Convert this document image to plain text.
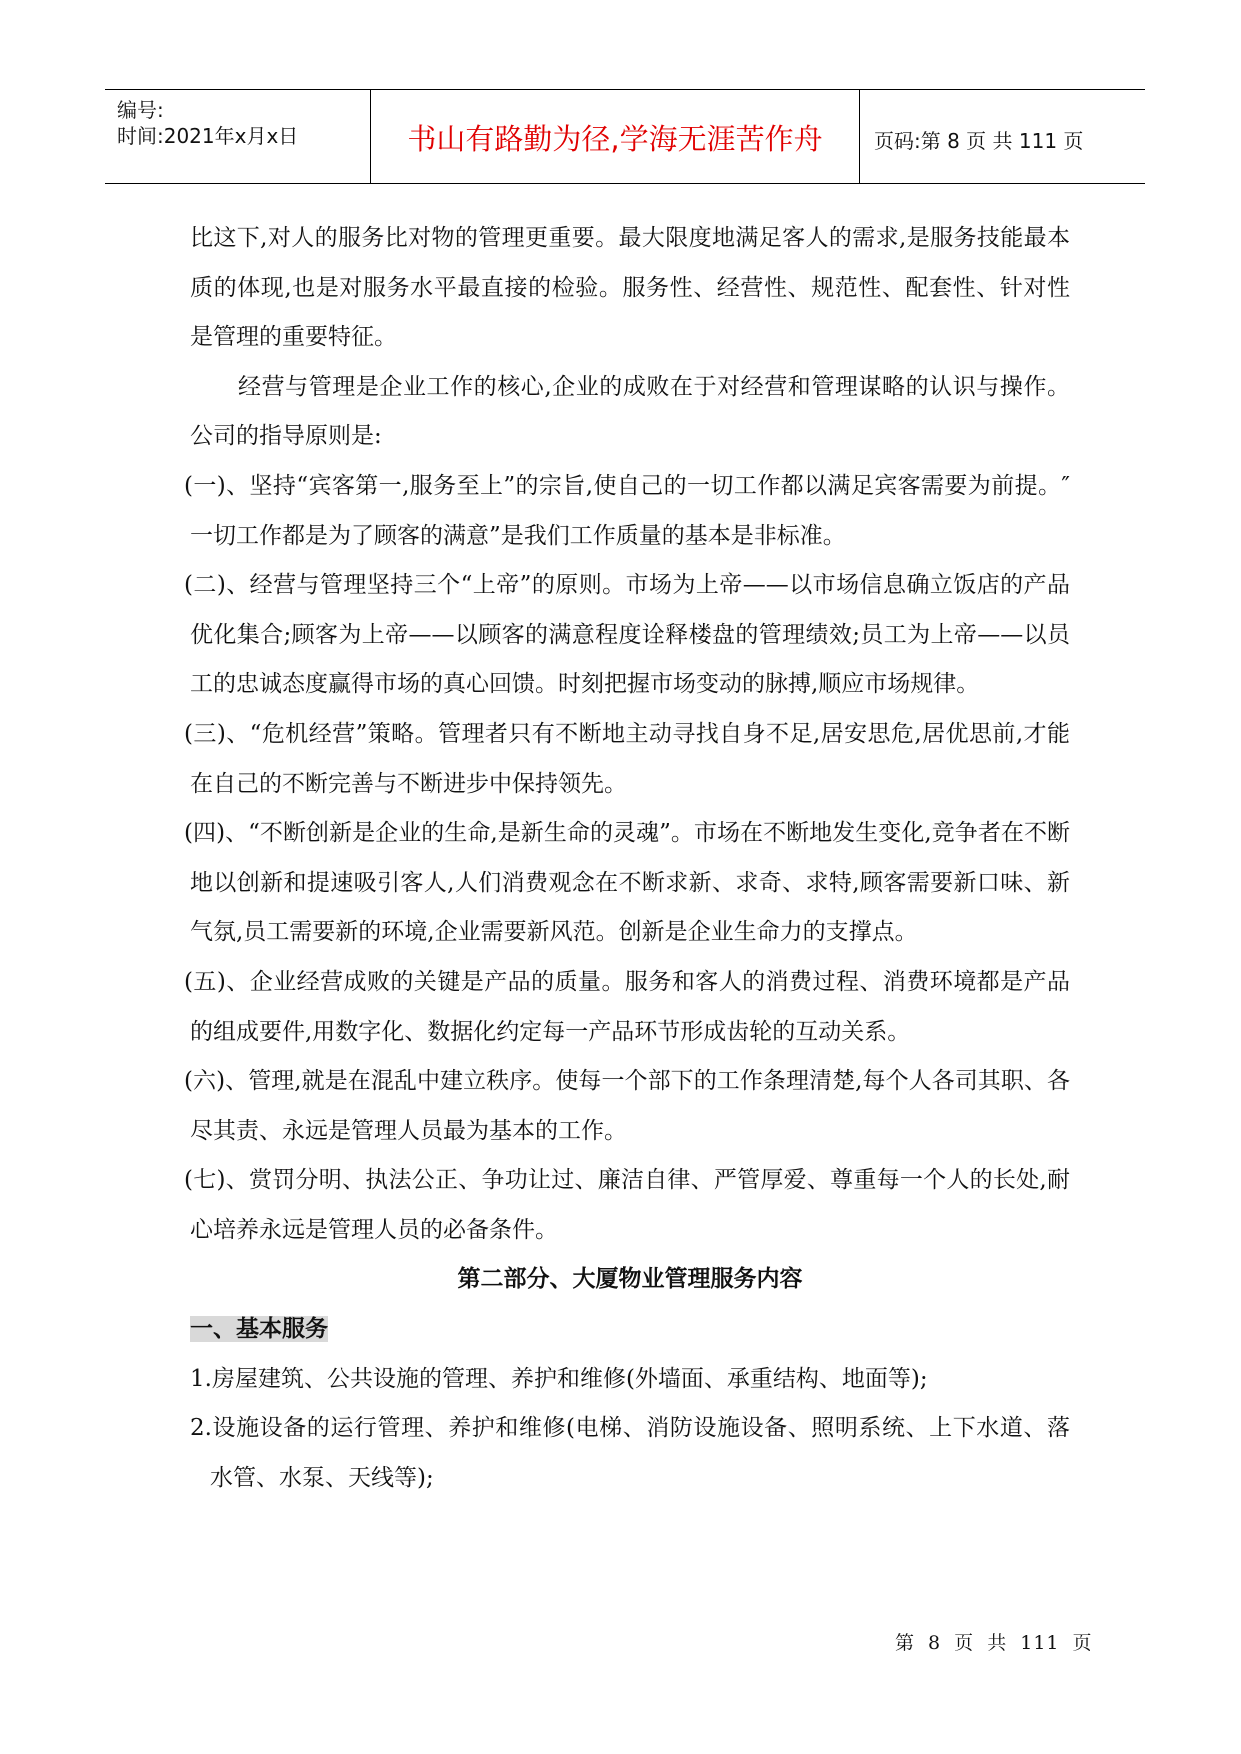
编号:
时间:2021年x月x日	书山有路勤为径,学海无涯苦作舟	页码:第 8 页 共 111 页

比这下,对人的服务比对物的管理更重要。最大限度地满足客人的需求,是服务技能最本质的体现,也是对服务水平最直接的检验。服务性、经营性、规范性、配套性、针对性是管理的重要特征。

经营与管理是企业工作的核心,企业的成败在于对经营和管理谋略的认识与操作。公司的指导原则是:

(一)、坚持“宾客第一,服务至上”的宗旨,使自己的一切工作都以满足宾客需要为前提。″一切工作都是为了顾客的满意”是我们工作质量的基本是非标准。

(二)、经营与管理坚持三个“上帝”的原则。市场为上帝——以市场信息确立饭店的产品优化集合;顾客为上帝——以顾客的满意程度诠释楼盘的管理绩效;员工为上帝——以员工的忠诚态度赢得市场的真心回馈。时刻把握市场变动的脉搏,顺应市场规律。

(三)、“危机经营”策略。管理者只有不断地主动寻找自身不足,居安思危,居优思前,才能在自己的不断完善与不断进步中保持领先。

(四)、“不断创新是企业的生命,是新生命的灵魂”。市场在不断地发生变化,竞争者在不断地以创新和提速吸引客人,人们消费观念在不断求新、求奇、求特,顾客需要新口味、新气氛,员工需要新的环境,企业需要新风范。创新是企业生命力的支撑点。

(五)、企业经营成败的关键是产品的质量。服务和客人的消费过程、消费环境都是产品的组成要件,用数字化、数据化约定每一产品环节形成齿轮的互动关系。

(六)、管理,就是在混乱中建立秩序。使每一个部下的工作条理清楚,每个人各司其职、各尽其责、永远是管理人员最为基本的工作。

(七)、赏罚分明、执法公正、争功让过、廉洁自律、严管厚爱、尊重每一个人的长处,耐心培养永远是管理人员的必备条件。

第二部分、大厦物业管理服务内容

一、基本服务

1.房屋建筑、公共设施的管理、养护和维修(外墙面、承重结构、地面等);

2.设施设备的运行管理、养护和维修(电梯、消防设施设备、照明系统、上下水道、落水管、水泵、天线等);

第 8 页 共 111 页
